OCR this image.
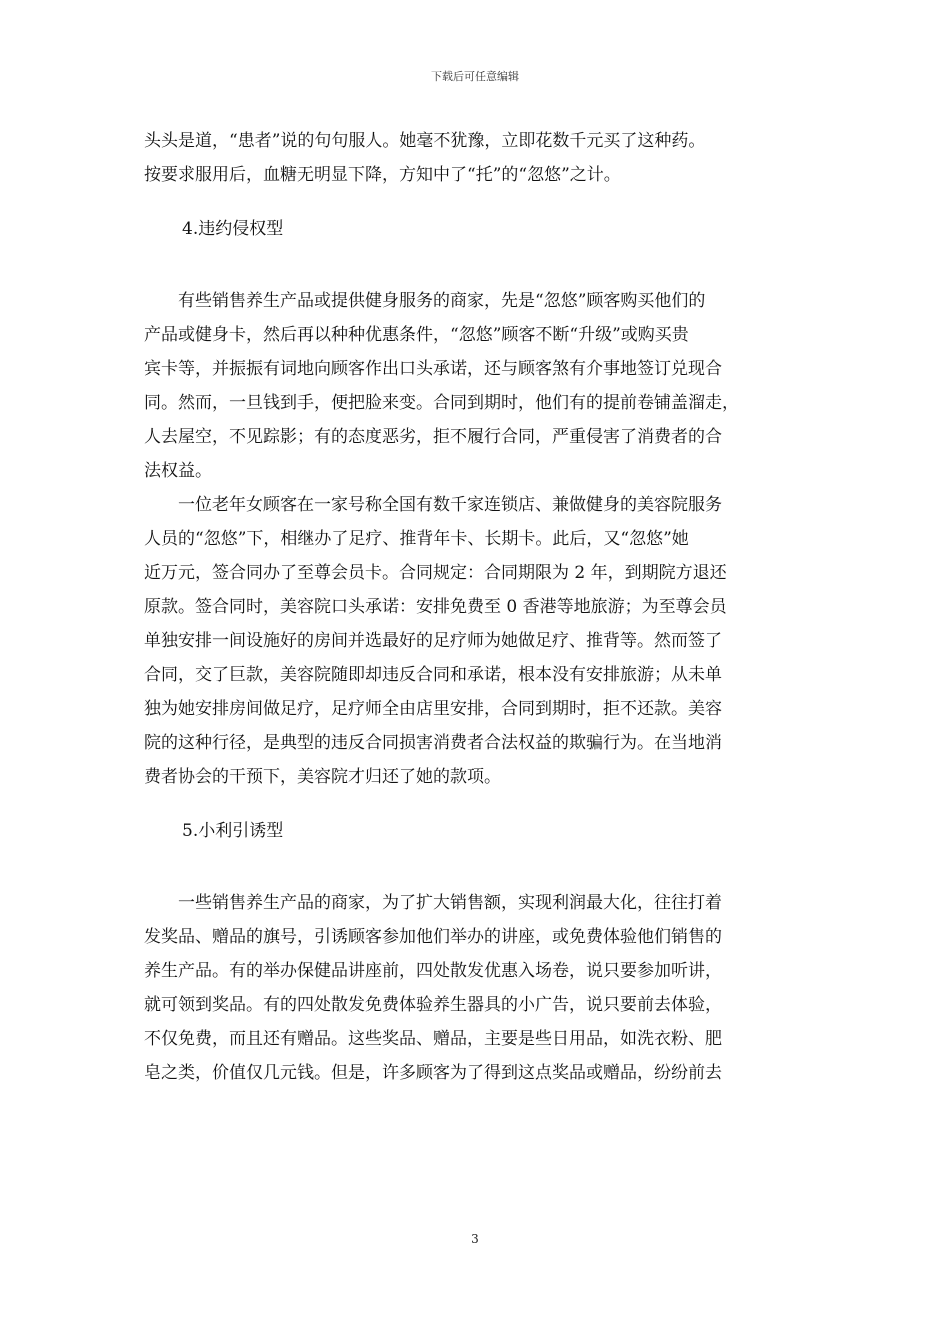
下载后可任意编辑
头头是道，“患者”说的句句服人。她毫不犹豫，立即花数千元买了这种药。
按要求服用后，血糖无明显下降，方知中了“托”的“忽悠”之计。
4.违约侵权型
　　有些销售养生产品或提供健身服务的商家，先是“忽悠”顾客购买他们的
产品或健身卡，然后再以种种优惠条件，“忽悠”顾客不断“升级”或购买贵
宾卡等，并振振有词地向顾客作出口头承诺，还与顾客煞有介事地签订兑现合
同。然而，一旦钱到手，便把脸来变。合同到期时，他们有的提前卷铺盖溜走，
人去屋空，不见踪影；有的态度恶劣，拒不履行合同，严重侵害了消费者的合
法权益。
　　一位老年女顾客在一家号称全国有数千家连锁店、兼做健身的美容院服务
人员的“忽悠”下，相继办了足疗、推背年卡、长期卡。此后，又“忽悠”她
近万元，签合同办了至尊会员卡。合同规定：合同期限为 2 年，到期院方退还
原款。签合同时，美容院口头承诺：安排免费至 0 香港等地旅游；为至尊会员
单独安排一间设施好的房间并选最好的足疗师为她做足疗、推背等。然而签了
合同，交了巨款，美容院随即却违反合同和承诺，根本没有安排旅游；从未单
独为她安排房间做足疗，足疗师全由店里安排，合同到期时，拒不还款。美容
院的这种行径，是典型的违反合同损害消费者合法权益的欺骗行为。在当地消
费者协会的干预下，美容院才归还了她的款项。
5.小利引诱型
　　一些销售养生产品的商家，为了扩大销售额，实现利润最大化，往往打着
发奖品、赠品的旗号，引诱顾客参加他们举办的讲座，或免费体验他们销售的
养生产品。有的举办保健品讲座前，四处散发优惠入场卷，说只要参加听讲，
就可领到奖品。有的四处散发免费体验养生器具的小广告，说只要前去体验，
不仅免费，而且还有赠品。这些奖品、赠品，主要是些日用品，如洗衣粉、肥
皂之类，价值仅几元钱。但是，许多顾客为了得到这点奖品或赠品，纷纷前去
3
